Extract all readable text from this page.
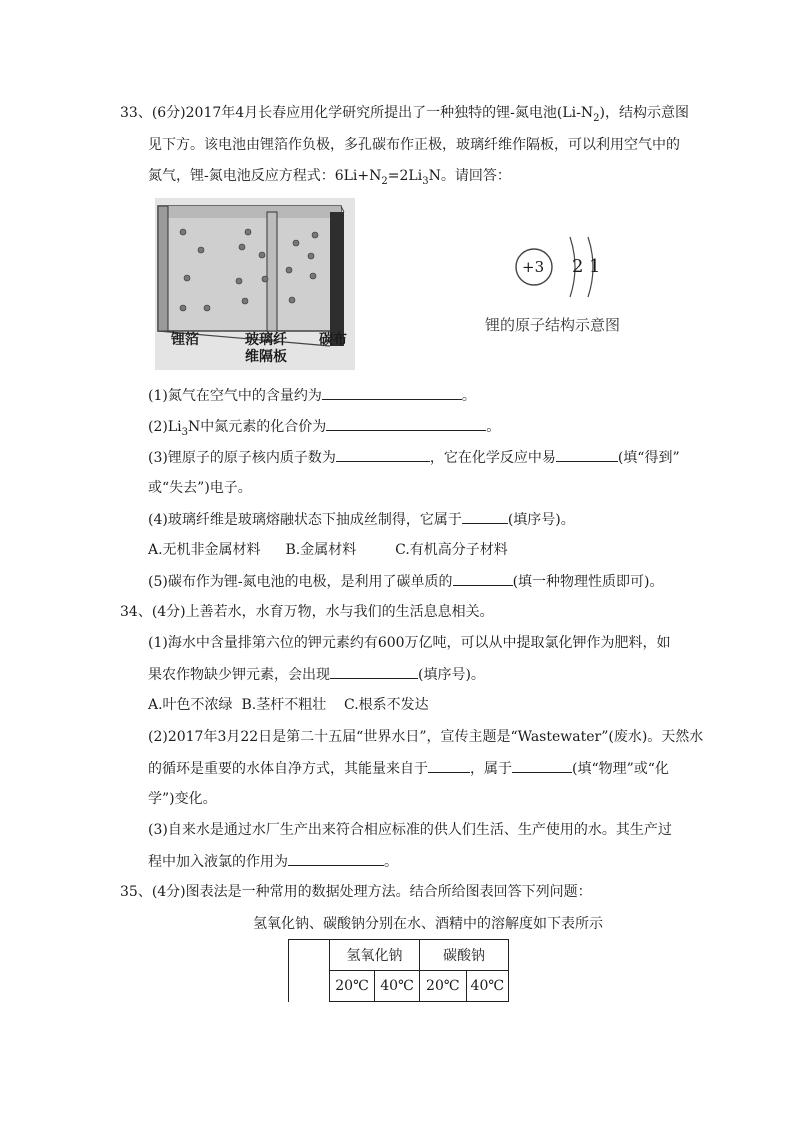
33、(6分)2017年4月长春应用化学研究所提出了一种独特的锂-氮电池$(Li-N_2)$，结构示意图
见下方。该电池由锂箔作负极，多孔碳布作正极，玻璃纤维作隔板，可以利用空气中的
氮气，锂-氮电池反应方程式：$6Li+N_2=2Li_3N$。请回答：
锂箔	玻璃纤
维隔板
碳布
+3 2 1
锂的原子结构示意图
(1)氮气在空气中的含量约为	。
$(2)Li_3N$中氮元素的化合价为	。
(3)锂原子的原子核内质子数为	，它在化学反应中易	(填“得到”
或“失去”)电子。
(4)玻璃纤维是玻璃熔融状态下抽成丝制得，它属于	(填序号)。
A.无机非金属材料 B.金属材料	C.有机高分子材料
(5)碳布作为锂-氮电池的电极，是利用了碳单质的	(填一种物理性质即可)。
34、(4分)上善若水，水育万物，水与我们的生活息息相关。
(1)海水中含量排第六位的钾元素约有600万亿吨，可以从中提取氯化钾作为肥料，如
果农作物缺少钾元素，会出现	(填序号)。
A.叶色不浓绿  B.茎杆不粗壮    C.根系不发达
(2)2017年3月22日是第二十五届“世界水日”，宣传主题是“Wastewater”(废水)。天然水
的循环是重要的水体自净方式，其能量来自于	，属于	(填“物理”或“化
学”)变化。
(3)自来水是通过水厂生产出来符合相应标准的供人们生活、生产使用的水。其生产过
程中加入液氯的作用为	。
35、(4分)图表法是一种常用的数据处理方法。结合所给图表回答下列问题：
氢氧化钠、碳酸钠分别在水、酒精中的溶解度如下表所示
	氢氧化钠		碳酸钠	
	20℃	40℃	20℃	40℃
